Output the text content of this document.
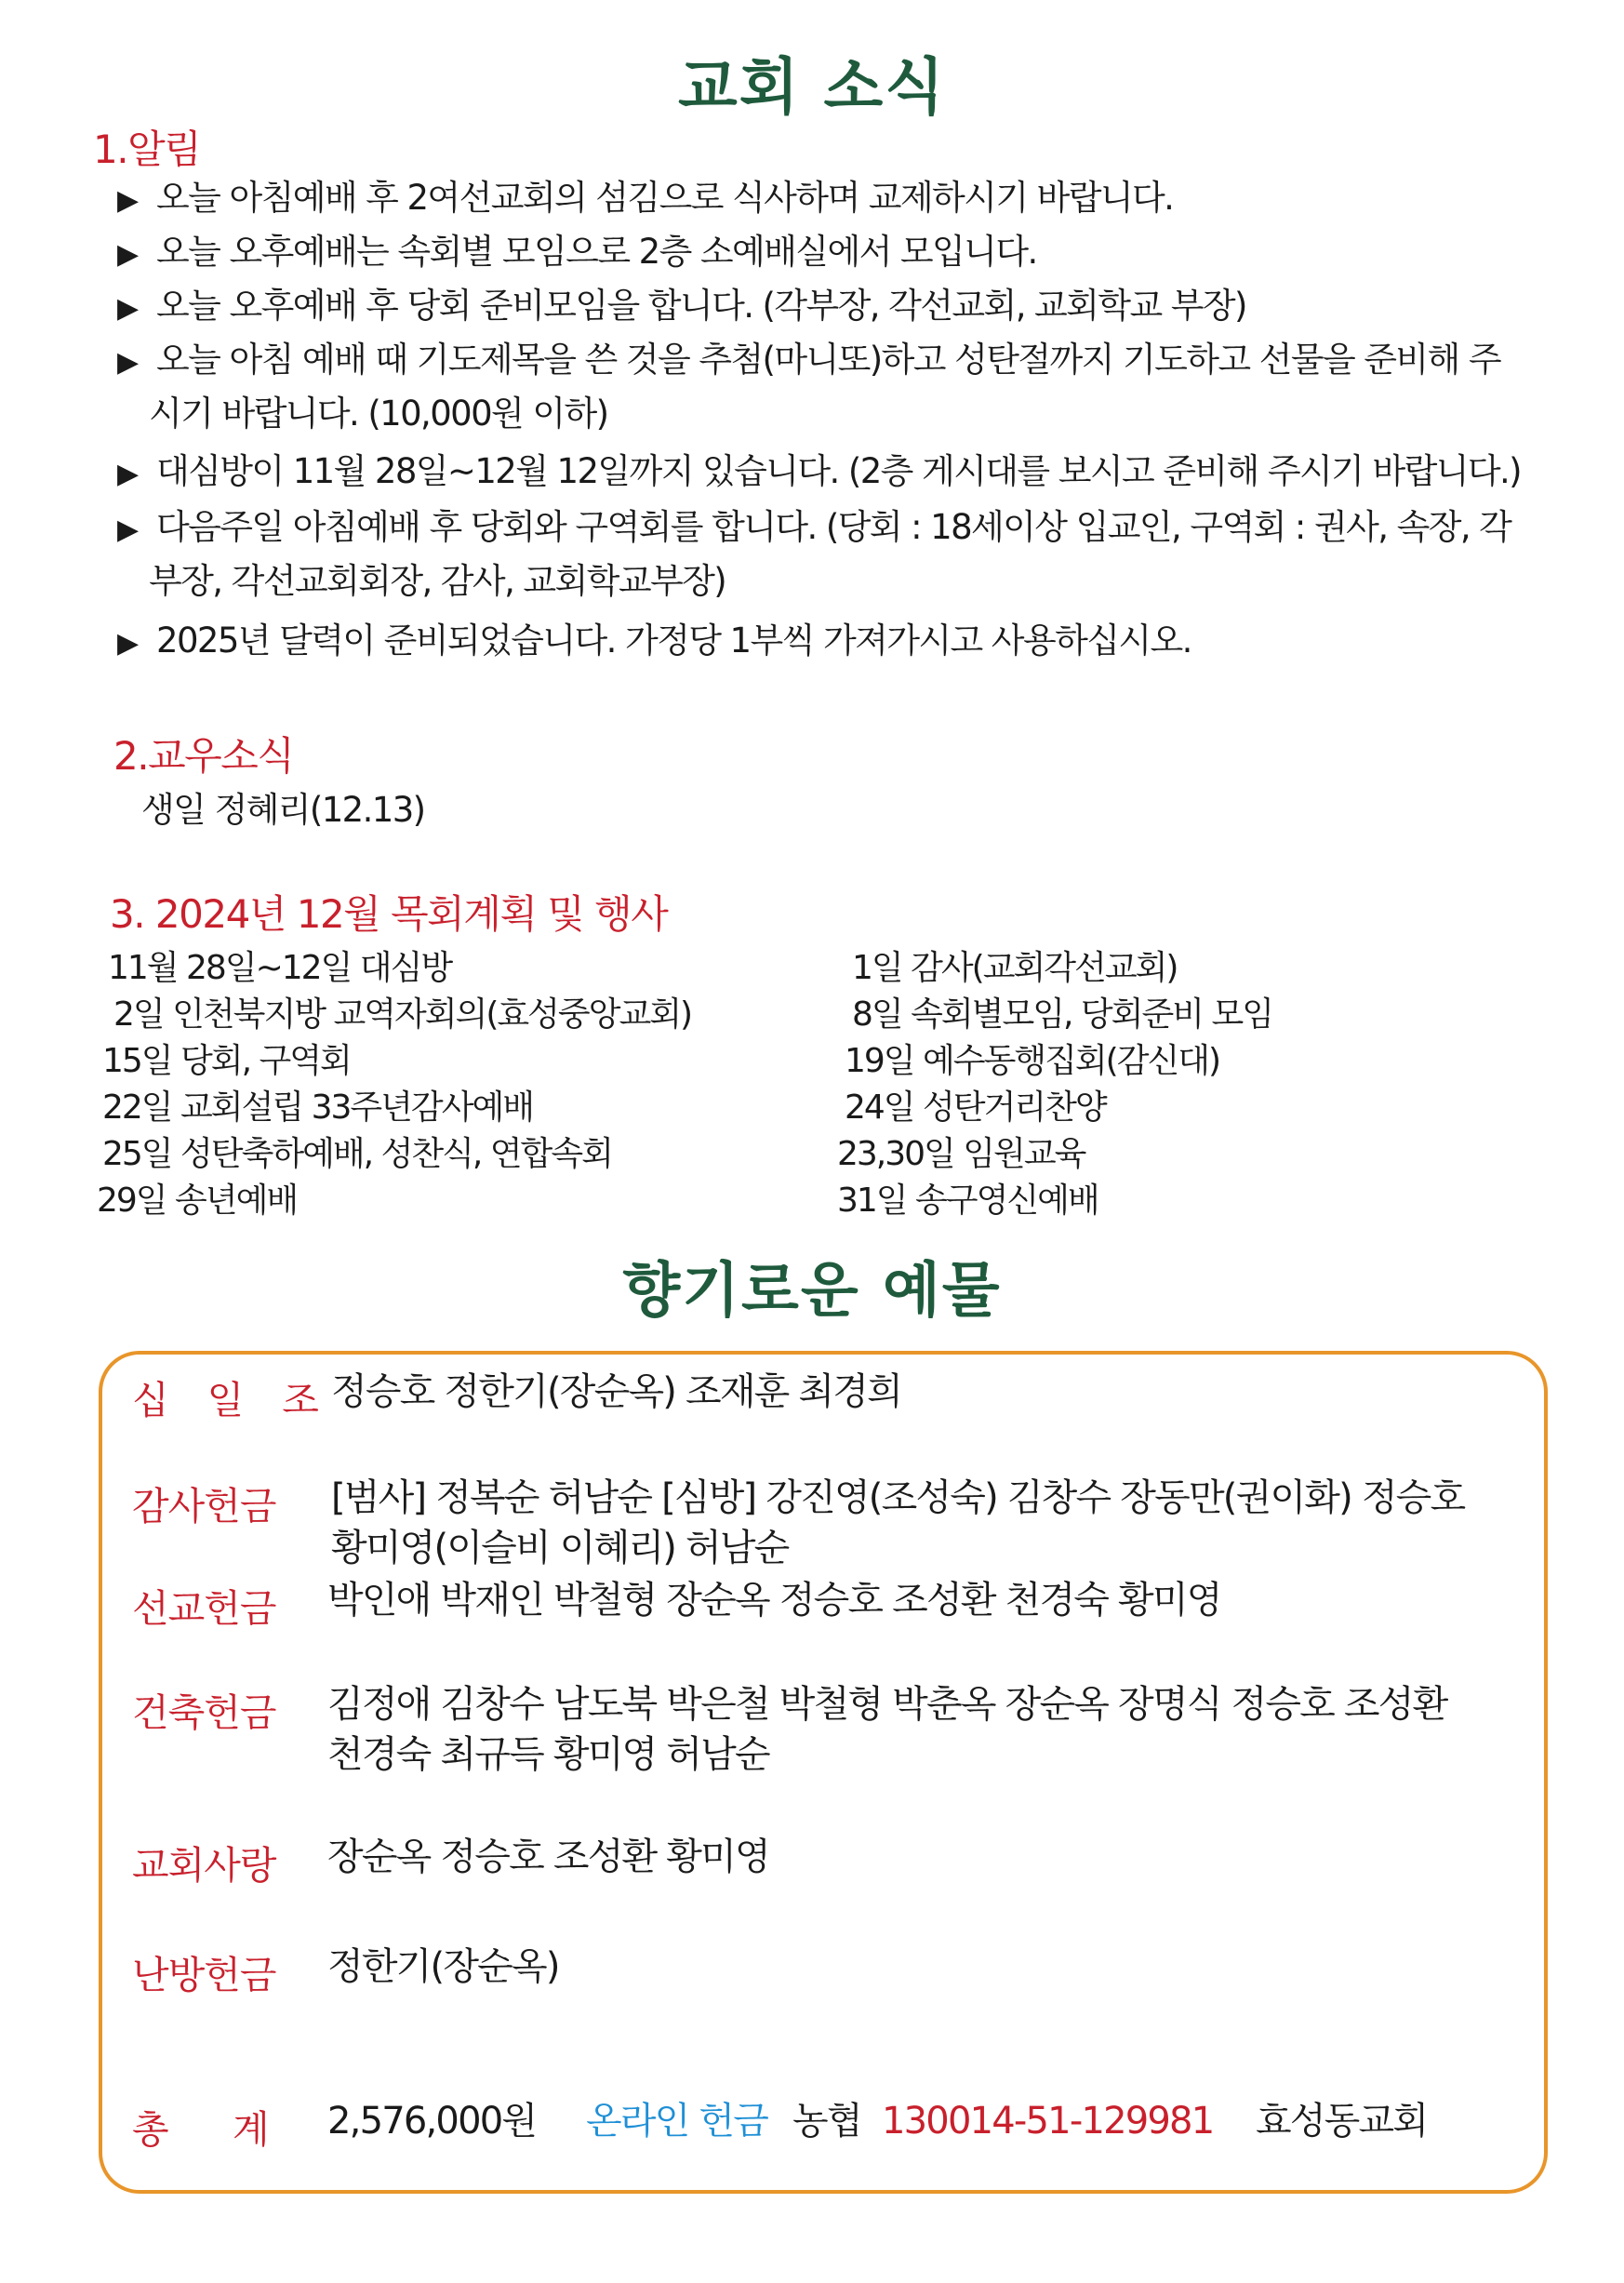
교회 소식
1.알림
▶ 오늘 아침예배 후 2여선교회의 섬김으로 식사하며 교제하시기 바랍니다.
▶ 오늘 오후예배는 속회별 모임으로 2층 소예배실에서 모입니다.
▶ 오늘 오후예배 후 당회 준비모임을 합니다. (각부장, 각선교회, 교회학교 부장)
▶ 오늘 아침 예배 때 기도제목을 쓴 것을 추첨(마니또)하고 성탄절까지 기도하고 선물을 준비해 주
시기 바랍니다. (10,000원 이하)
▶ 대심방이 11월 28일~12월 12일까지 있습니다. (2층 게시대를 보시고 준비해 주시기 바랍니다.)
▶ 다음주일 아침예배 후 당회와 구역회를 합니다. (당회 : 18세이상 입교인, 구역회 : 권사, 속장, 각
부장, 각선교회회장, 감사, 교회학교부장)
▶ 2025년 달력이 준비되었습니다. 가정당 1부씩 가져가시고 사용하십시오.
2.교우소식
생일 정혜리(12.13)
3. 2024년 12월 목회계획 및 행사
11월 28일~12일 대심방
2일 인천북지방 교역자회의(효성중앙교회)
15일 당회, 구역회
22일 교회설립 33주년감사예배
25일 성탄축하예배, 성찬식, 연합속회
29일 송년예배
1일 감사(교회각선교회)
8일 속회별모임, 당회준비 모임
19일 예수동행집회(감신대)
24일 성탄거리찬양
23,30일 임원교육
31일 송구영신예배
향기로운 예물
십 일 조 정승호 정한기(장순옥) 조재훈 최경희
감사헌금 [범사] 정복순 허남순 [심방] 강진영(조성숙) 김창수 장동만(권이화) 정승호
황미영(이슬비 이혜리) 허남순
선교헌금 박인애 박재인 박철형 장순옥 정승호 조성환 천경숙 황미영
건축헌금 김정애 김창수 남도북 박은철 박철형 박춘옥 장순옥 장명식 정승호 조성환
천경숙 최규득 황미영 허남순
교회사랑 장순옥 정승호 조성환 황미영
난방헌금 정한기(장순옥)
총 계 2,576,000원 온라인 헌금 농협 130014-51-129981 효성동교회
